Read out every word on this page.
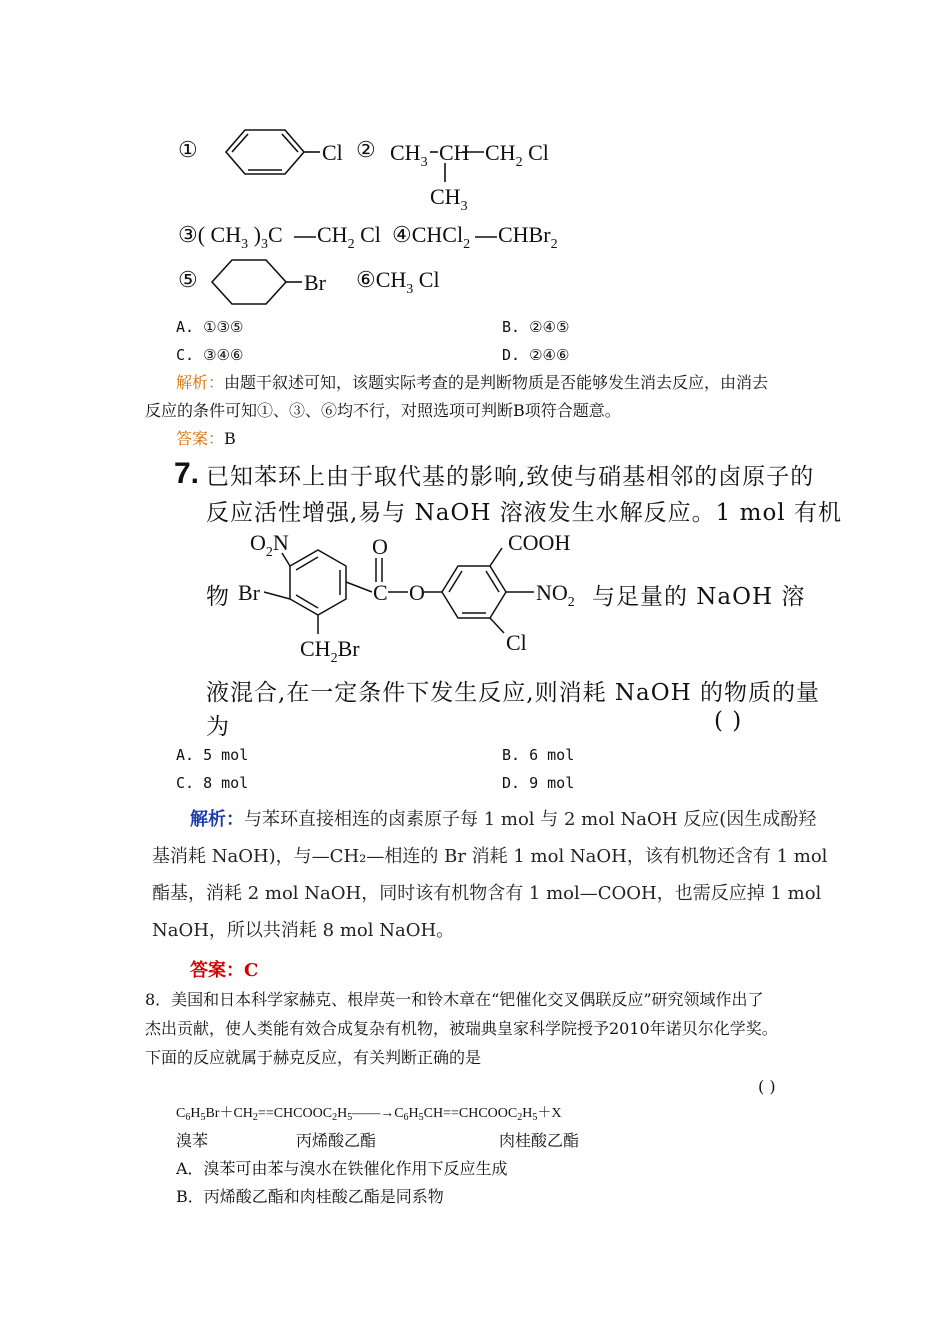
①	Cl ② $CH_3$ CH $CH_2$ Cl
$CH_3$
③( $CH_3$ )$_3C$ $CH_2$ Cl ④CHCl$_2$ CHBr$_2$
⑤	Br $⑥CH_3$ Cl
A. ①③⑤	B. ②④⑤
C. ③④⑥	D. ②④⑥
解析：由题干叙述可知，该题实际考查的是判断物质是否能够发生消去反应，由消去
反应的条件可知①、③、⑥均不行，对照选项可判断B项符合题意。
答案：B
7. 已知苯环上由于取代基的影响,致使与硝基相邻的卤原子的
反应活性增强,易与 NaOH 溶液发生水解反应。1 mol 有机
物 Br
$O_2N$	O
C O
COOH
$NO_2$
Cl
$CH_2Br$
与足量的 NaOH 溶
液混合,在一定条件下发生反应,则消耗 NaOH 的物质的量
为	( )
A. 5 mol	B. 6 mol
C. 8 mol	D. 9 mol
解析：与苯环直接相连的卤素原子每 1 mol 与 2 mol NaOH 反应(因生成酚羟
基消耗 NaOH)，与—CH₂—相连的 Br 消耗 1 mol NaOH，该有机物还含有 1 mol
酯基，消耗 2 mol NaOH，同时该有机物含有 1 mol—COOH，也需反应掉 1 mol
NaOH，所以共消耗 8 mol NaOH。
答案：C
8．美国和日本科学家赫克、根岸英一和铃木章在“钯催化交叉偶联反应”研究领域作出了
杰出贡献，使人类能有效合成复杂有机物，被瑞典皇家科学院授予2010年诺贝尔化学奖。
下面的反应就属于赫克反应，有关判断正确的是
( )
$C_6H_5Br+CH_2==CHCOOC_2H_5——\to C_6H_5CH==CHCOOC_2H_5+X$
溴苯	丙烯酸乙酯	肉桂酸乙酯
A．溴苯可由苯与溴水在铁催化作用下反应生成
B．丙烯酸乙酯和肉桂酸乙酯是同系物
